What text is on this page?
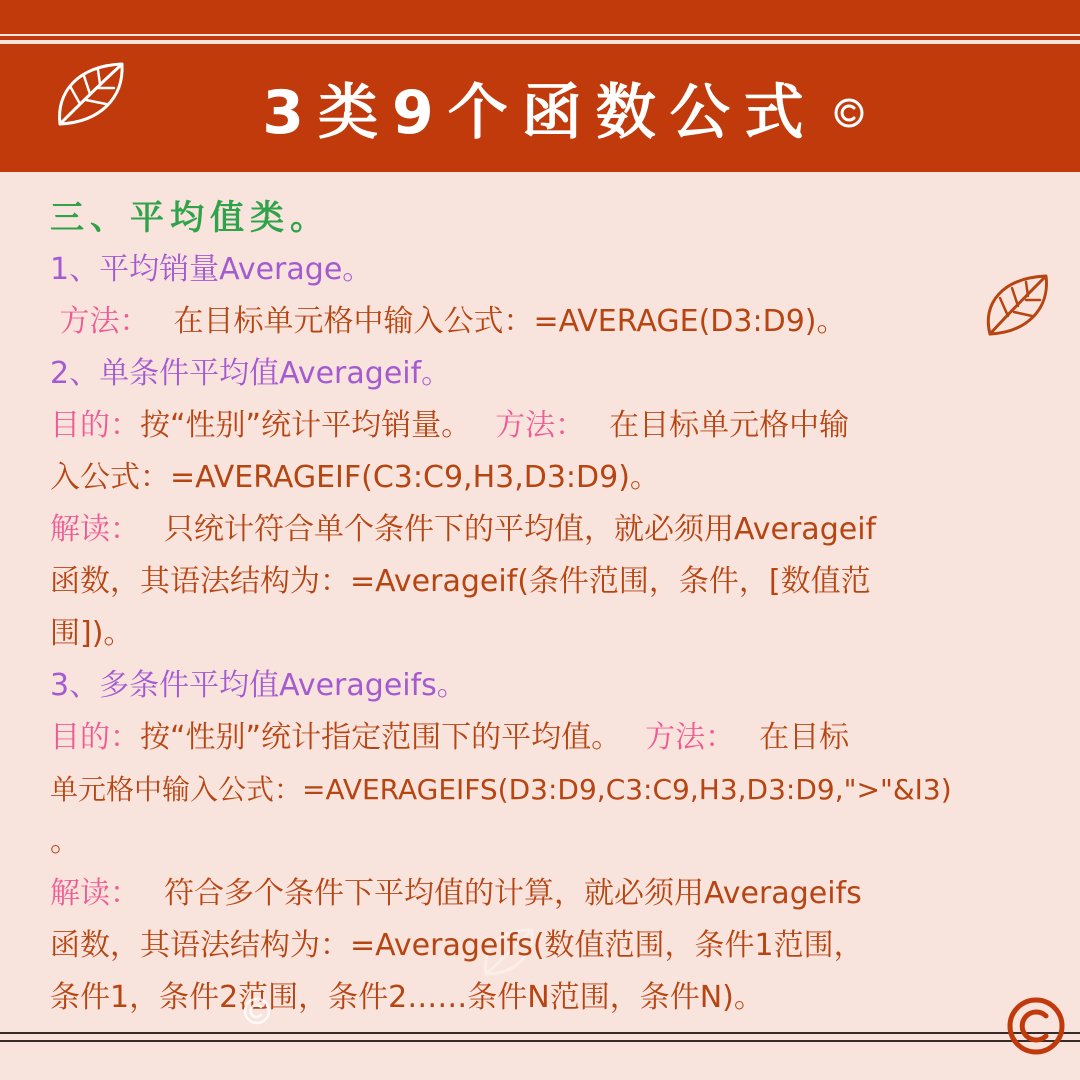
3类9个函数公式
三、平均值类。
1、平均销量Average。
方法： 在目标单元格中输入公式：=AVERAGE(D3:D9)。
2、单条件平均值Averageif。
目的：按“性别”统计平均销量。 方法： 在目标单元格中输
入公式：=AVERAGEIF(C3:C9,H3,D3:D9)。
解读： 只统计符合单个条件下的平均值，就必须用Averageif
函数，其语法结构为：=Averageif(条件范围，条件，[数值范
围])。
3、多条件平均值Averageifs。
目的：按“性别”统计指定范围下的平均值。 方法： 在目标
单元格中输入公式：=AVERAGEIFS(D3:D9,C3:C9,H3,D3:D9,">"&I3)
。
解读： 符合多个条件下平均值的计算，就必须用Averageifs
函数，其语法结构为：=Averageifs(数值范围，条件1范围，
条件1，条件2范围，条件2……条件N范围，条件N)。
